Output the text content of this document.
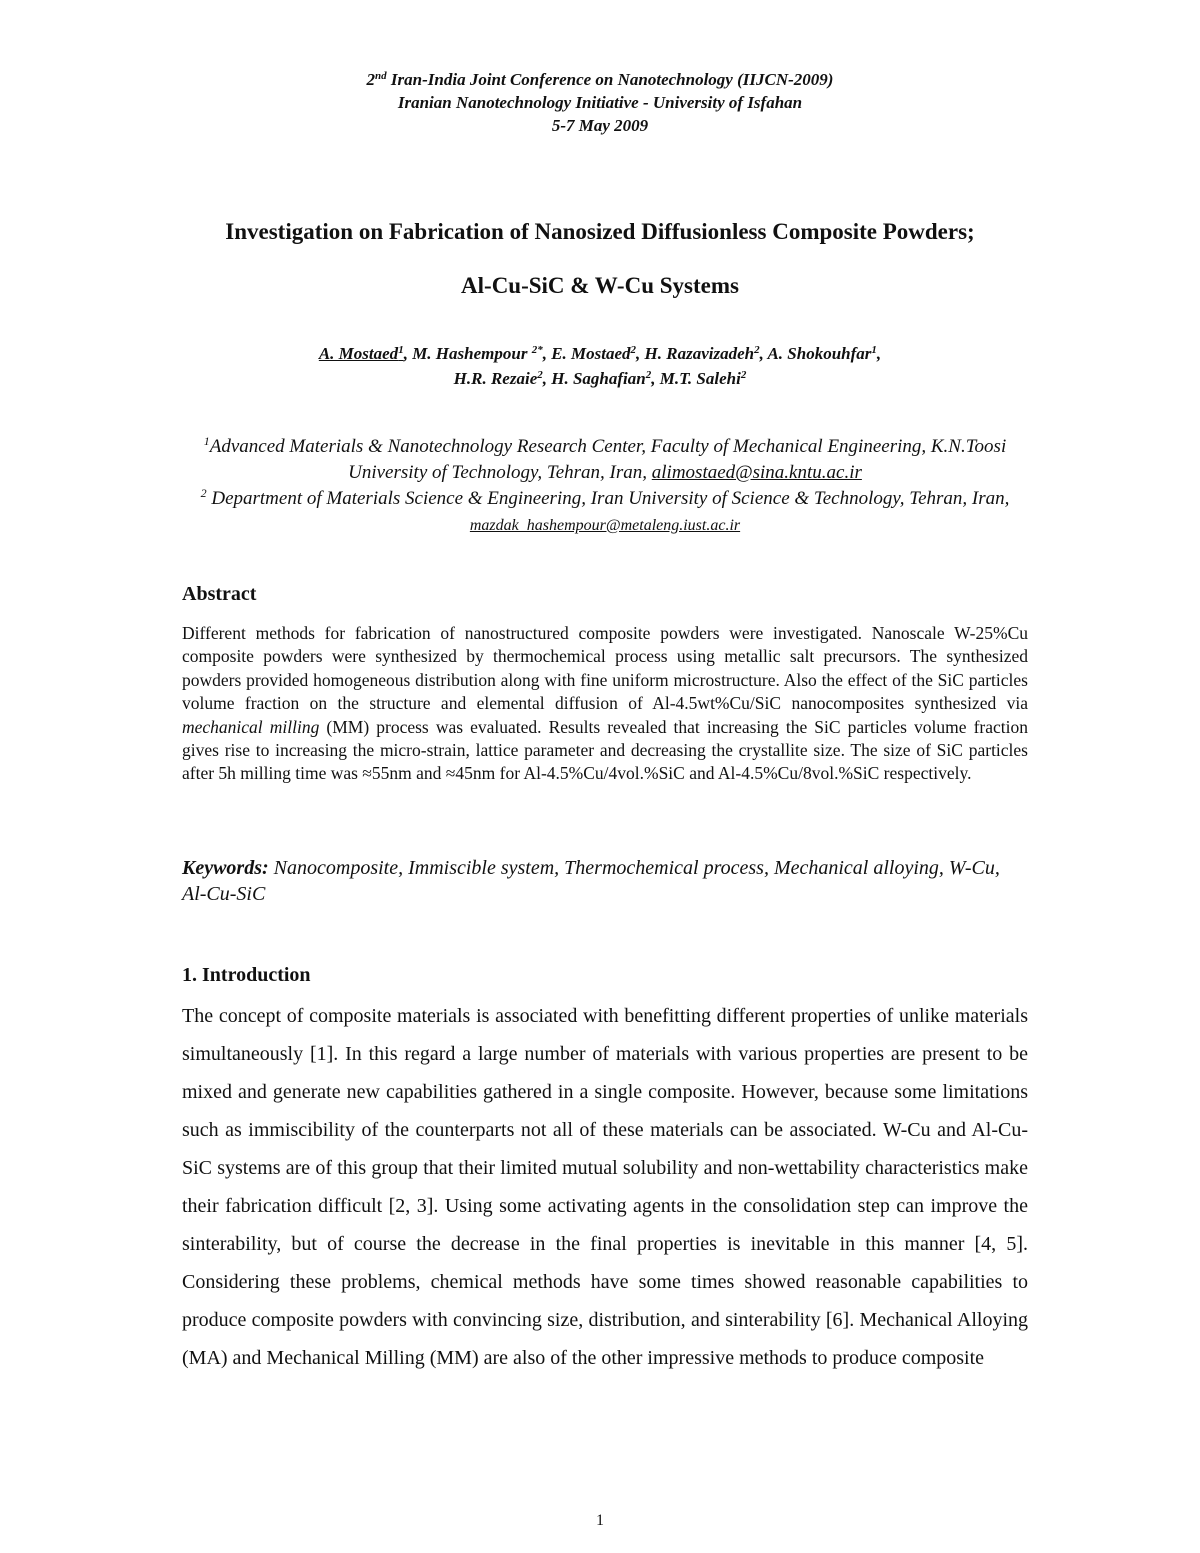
2nd Iran-India Joint Conference on Nanotechnology (IIJCN-2009)
Iranian Nanotechnology Initiative - University of Isfahan
5-7 May 2009
Investigation on Fabrication of Nanosized Diffusionless Composite Powders;
Al-Cu-SiC & W-Cu Systems
A. Mostaed$^1$, M. Hashempour $^{2*}$, E. Mostaed$^2$, H. Razavizadeh$^2$, A. Shokouhfar$^1$,
H.R. Rezaie$^2$, H. Saghafian$^2$, M.T. Salehi$^2$
$^1$Advanced Materials & Nanotechnology Research Center, Faculty of Mechanical Engineering, K.N.Toosi
University of Technology, Tehran, Iran, alimostaed@sina.kntu.ac.ir
$^2$ Department of Materials Science & Engineering, Iran University of Science & Technology, Tehran, Iran,
mazdak_hashempour@metaleng.iust.ac.ir
Abstract
Different methods for fabrication of nanostructured composite powders were investigated. Nanoscale W-25%Cu composite powders were synthesized by thermochemical process using metallic salt precursors. The synthesized powders provided homogeneous distribution along with fine uniform microstructure. Also the effect of the SiC particles volume fraction on the structure and elemental diffusion of Al-4.5wt%Cu/SiC nanocomposites synthesized via mechanical milling (MM) process was evaluated. Results revealed that increasing the SiC particles volume fraction gives rise to increasing the micro-strain, lattice parameter and decreasing the crystallite size. The size of SiC particles after 5h milling time was ≈55nm and ≈45nm for Al-4.5%Cu/4vol.%SiC and Al-4.5%Cu/8vol.%SiC respectively.
Keywords: Nanocomposite, Immiscible system, Thermochemical process, Mechanical alloying, W-Cu, Al-Cu-SiC
1. Introduction
The concept of composite materials is associated with benefitting different properties of unlike materials simultaneously [1]. In this regard a large number of materials with various properties are present to be mixed and generate new capabilities gathered in a single composite. However, because some limitations such as immiscibility of the counterparts not all of these materials can be associated. W-Cu and Al-Cu-SiC systems are of this group that their limited mutual solubility and non-wettability characteristics make their fabrication difficult [2, 3]. Using some activating agents in the consolidation step can improve the sinterability, but of course the decrease in the final properties is inevitable in this manner [4, 5]. Considering these problems, chemical methods have some times showed reasonable capabilities to produce composite powders with convincing size, distribution, and sinterability [6]. Mechanical Alloying (MA) and Mechanical Milling (MM) are also of the other impressive methods to produce composite
1
